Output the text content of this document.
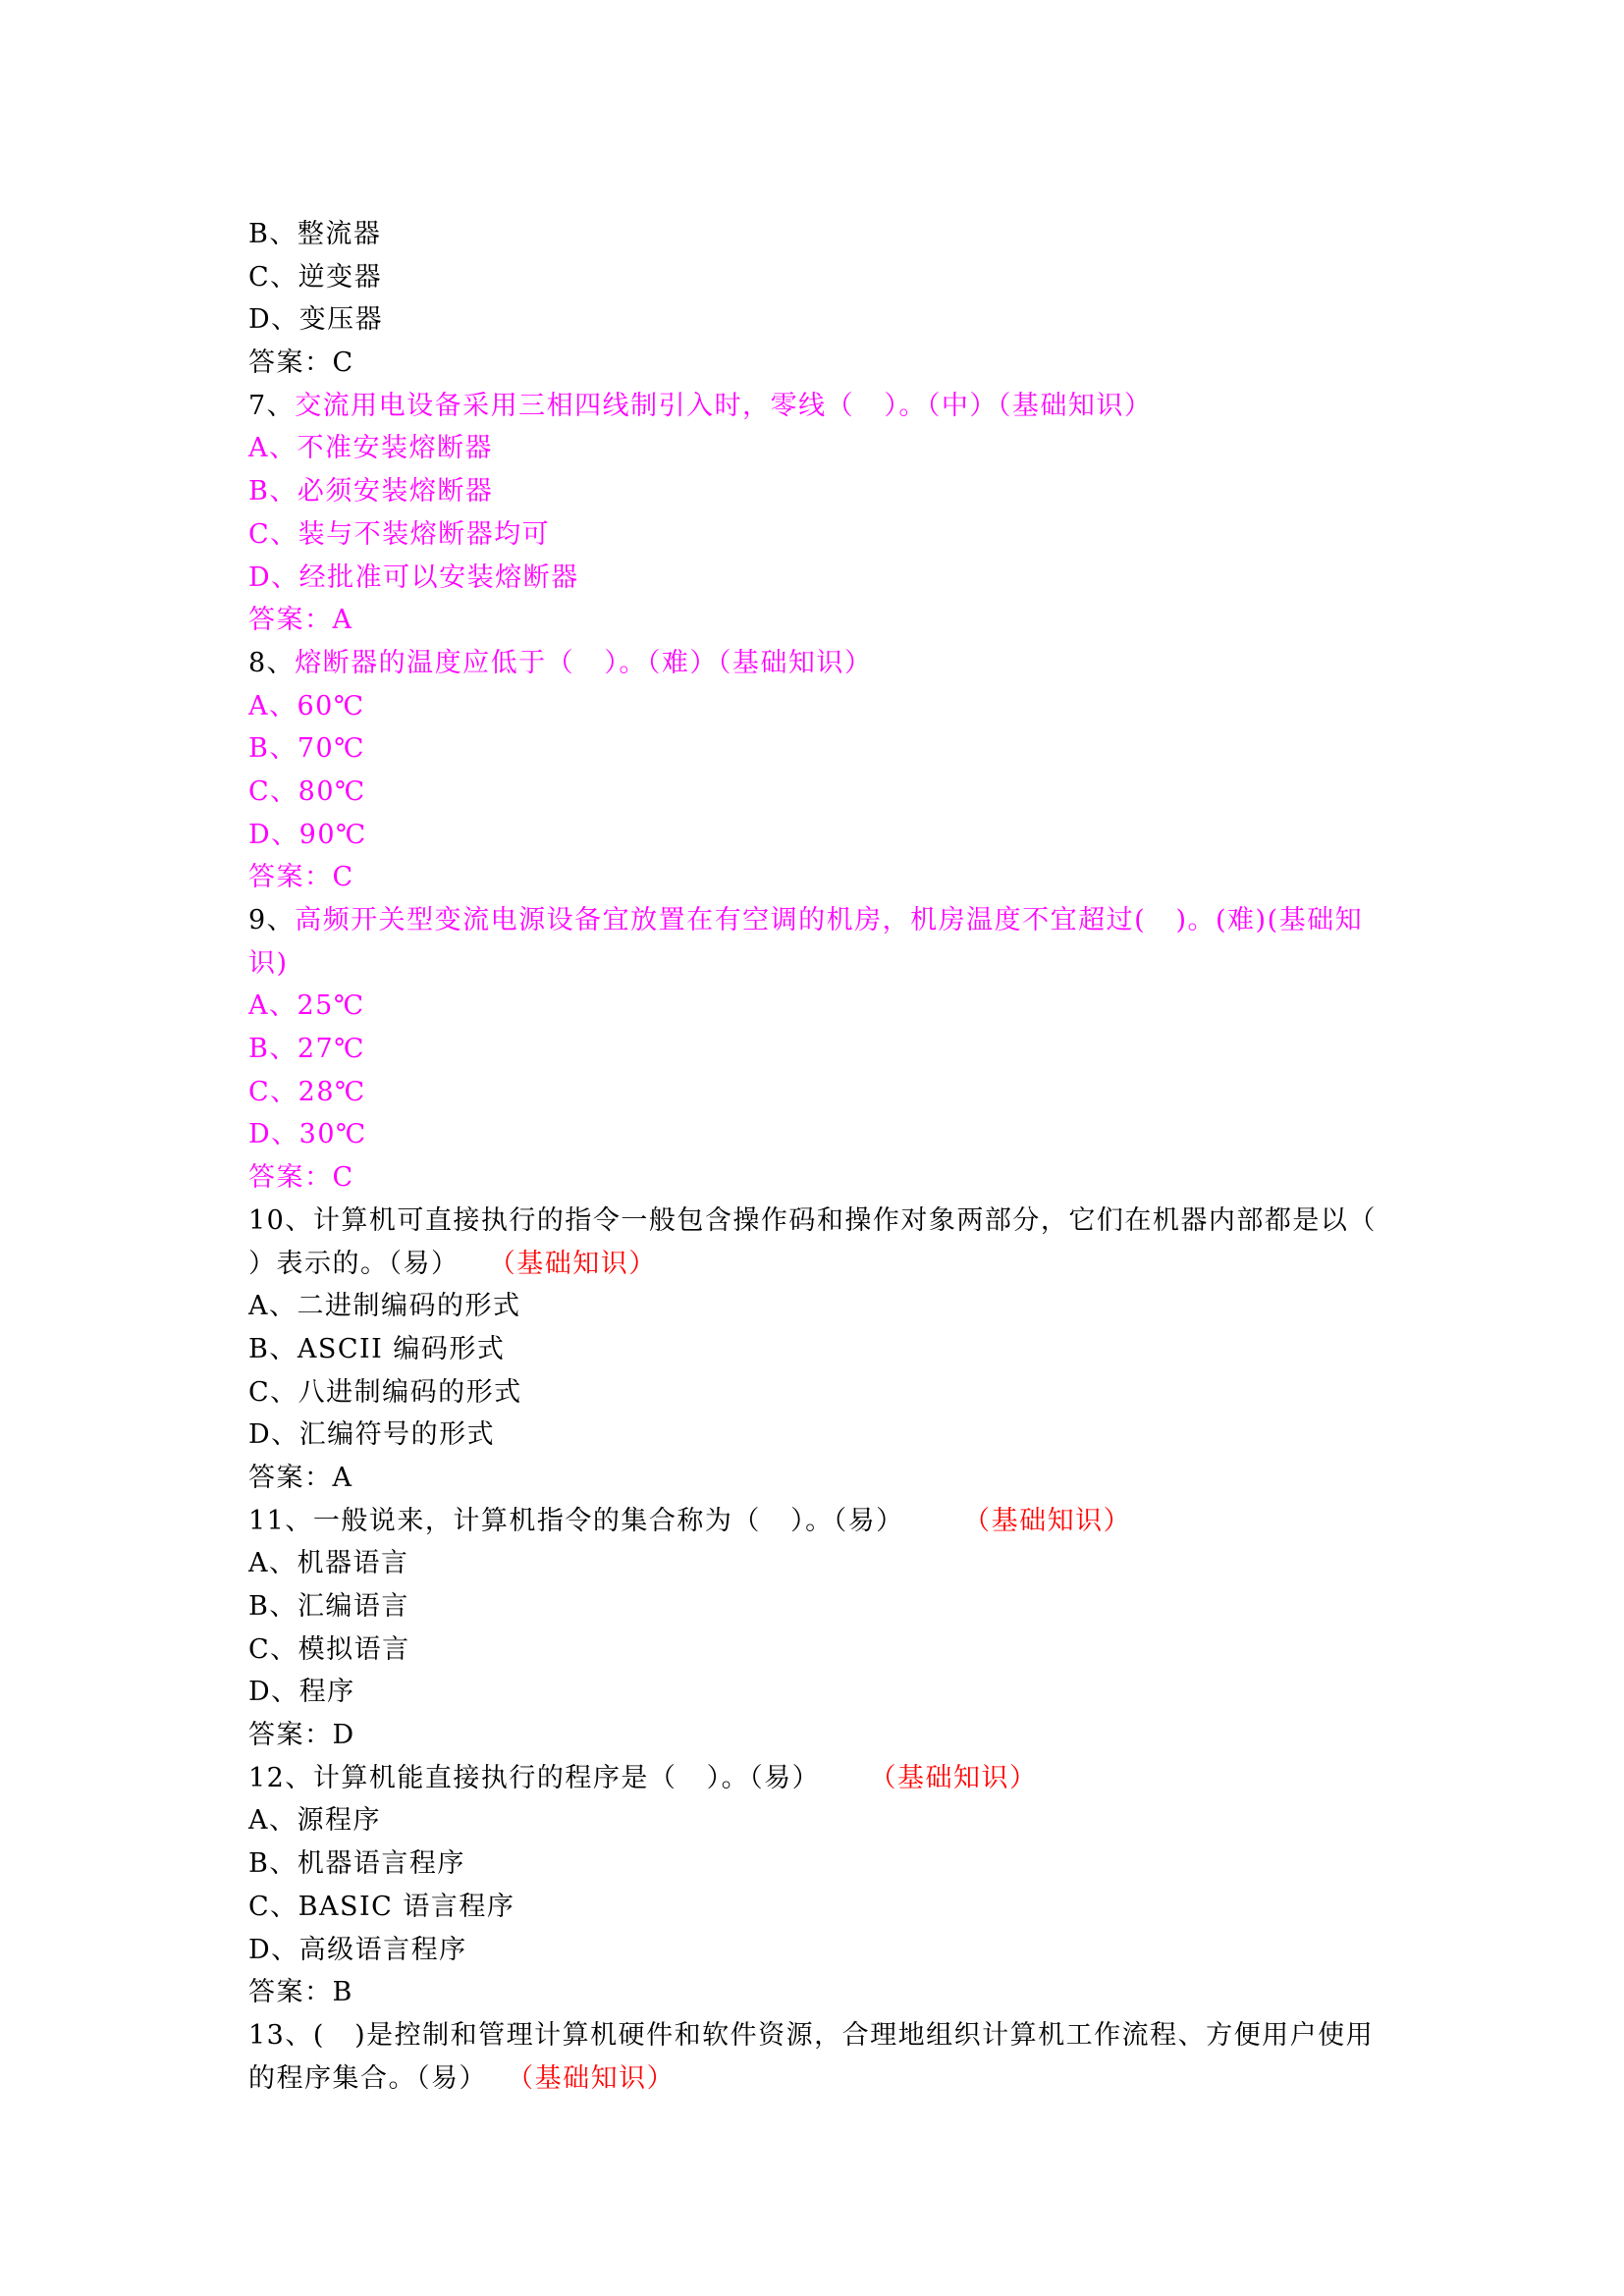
B、整流器
C、逆变器
D、变压器
答案：C
7、交流用电设备采用三相四线制引入时，零线（   ）。（中）（基础知识）
A、不准安装熔断器
B、必须安装熔断器
C、装与不装熔断器均可
D、经批准可以安装熔断器
答案：A
8、熔断器的温度应低于（   ）。（难）（基础知识）
A、60℃
B、70℃
C、80℃
D、90℃
答案：C
9、高频开关型变流电源设备宜放置在有空调的机房，机房温度不宜超过(   )。(难)(基础知
识)
A、25℃
B、27℃
C、28℃
D、30℃
答案：C
10、计算机可直接执行的指令一般包含操作码和操作对象两部分，它们在机器内部都是以（
）表示的。（易）   （基础知识）
A、二进制编码的形式
B、ASCII 编码形式
C、八进制编码的形式
D、汇编符号的形式
答案：A
11、一般说来，计算机指令的集合称为（   ）。（易）      （基础知识）
A、机器语言
B、汇编语言
C、模拟语言
D、程序
答案：D
12、计算机能直接执行的程序是（   ）。（易）     （基础知识）
A、源程序
B、机器语言程序
C、BASIC 语言程序
D、高级语言程序
答案：B
13、(   )是控制和管理计算机硬件和软件资源，合理地组织计算机工作流程、方便用户使用
的程序集合。（易）  （基础知识）
